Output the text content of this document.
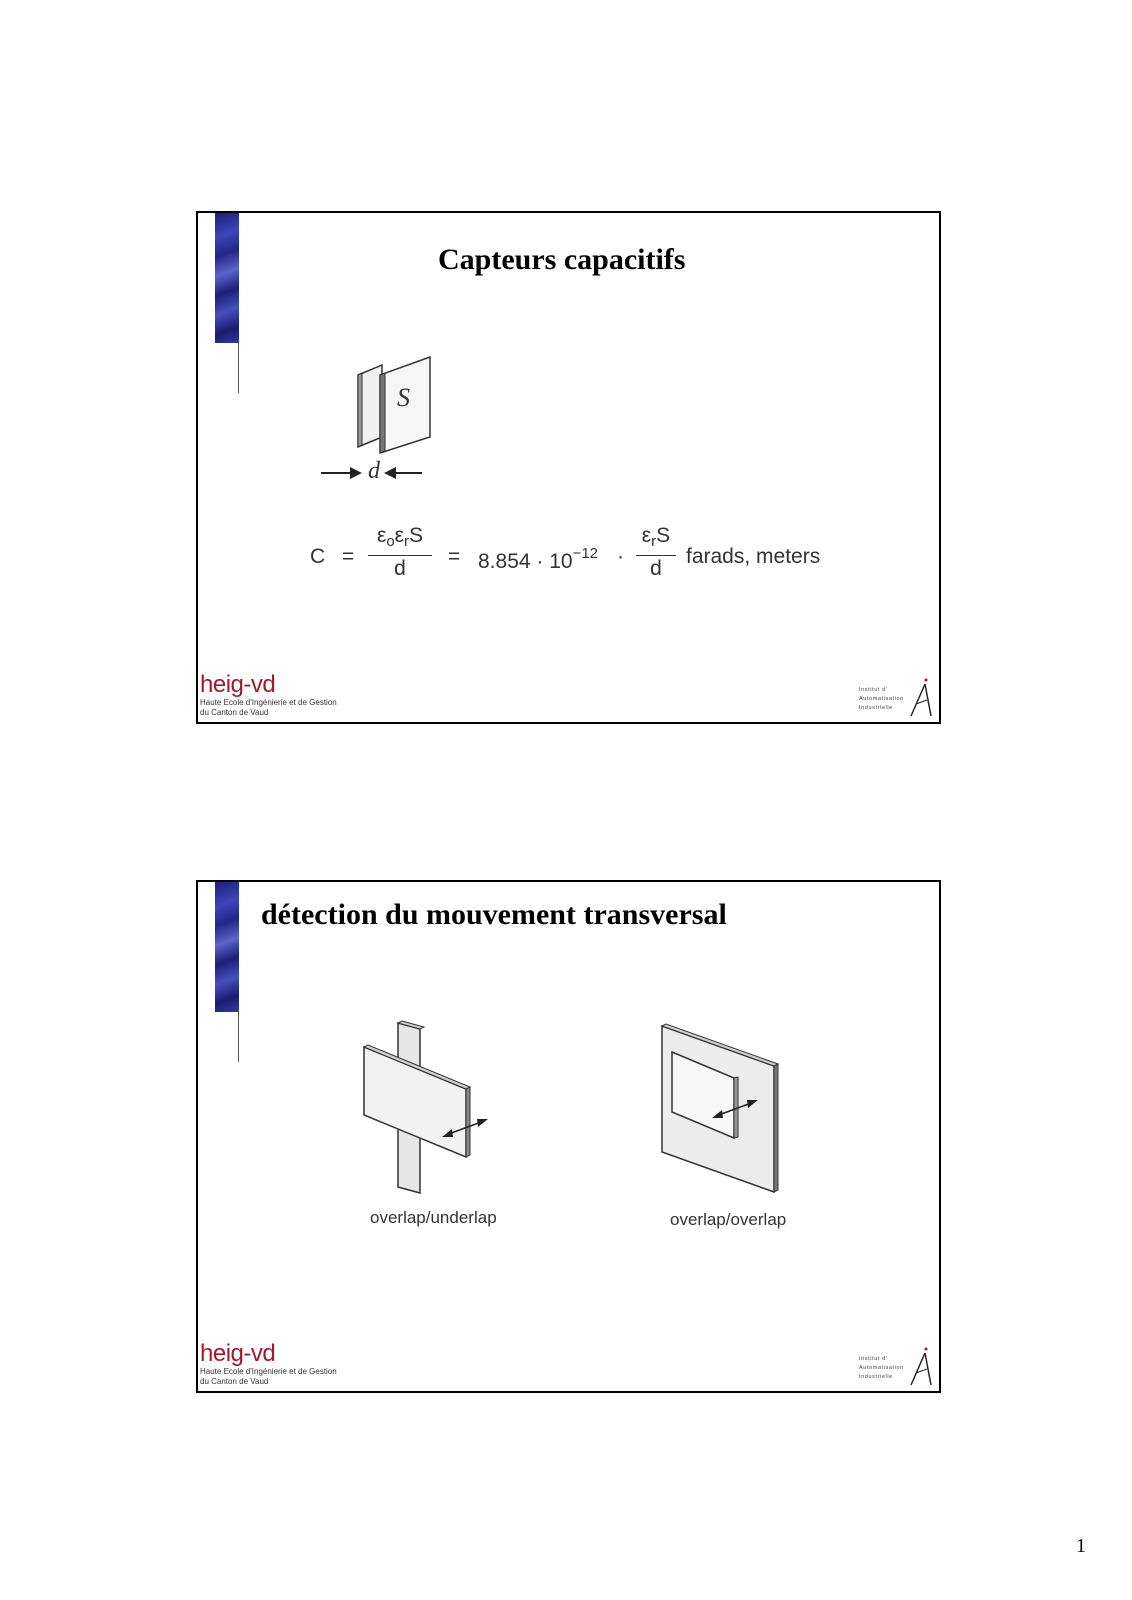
Capteurs capacitifs
S
d
C =
εoεrS
d
= $8.854 \cdot 10^{-12}$ ·
εrS
d
farads, meters
heig-vd
Haute Ecole d'Ingénierie et de Gestion
du Canton de Vaud
Institut d'
Automatisation
Industrielle
détection du mouvement transversal
overlap/underlap	overlap/overlap
heig-vd
Haute Ecole d'Ingénierie et de Gestion
du Canton de Vaud
Institut d'
Automatisation
Industrielle
1
